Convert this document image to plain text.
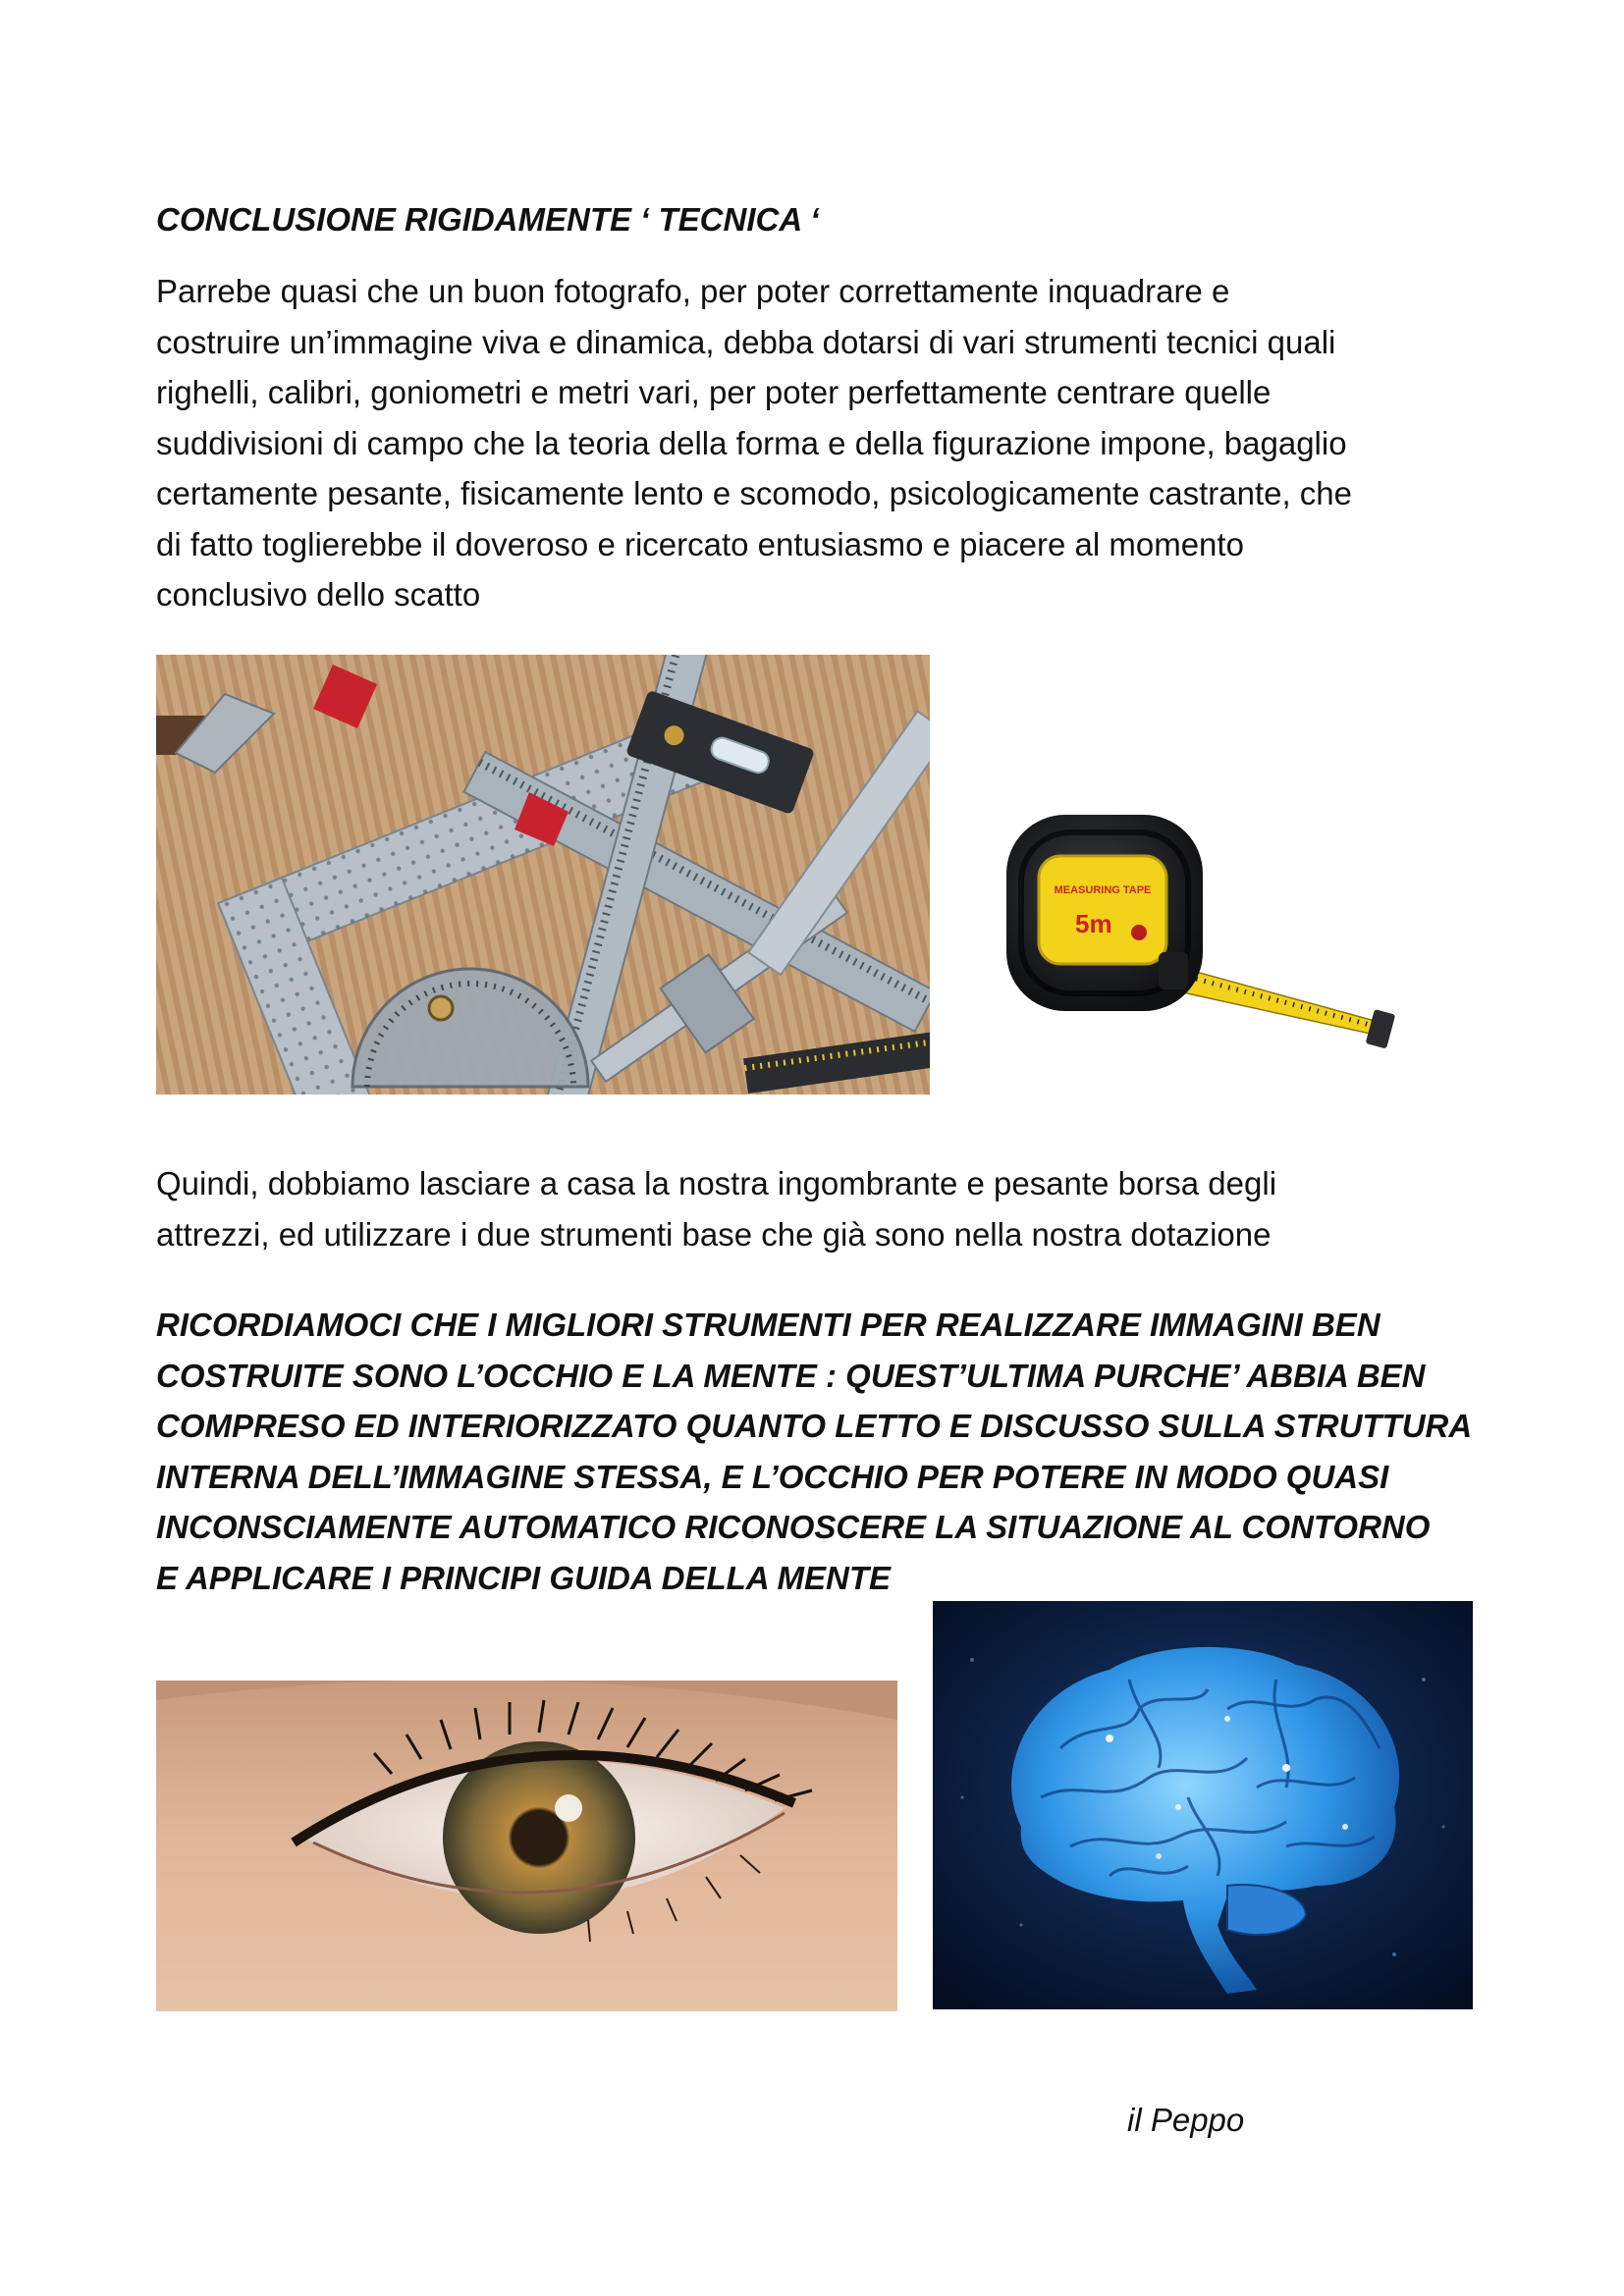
CONCLUSIONE RIGIDAMENTE ‘ TECNICA ‘
Parrebe quasi che un buon fotografo, per poter correttamente inquadrare e
costruire un’immagine viva e dinamica, debba dotarsi di vari strumenti tecnici quali
righelli, calibri, goniometri e metri vari, per poter perfettamente centrare quelle
suddivisioni di campo che la teoria della forma e della figurazione impone, bagaglio
certamente pesante, fisicamente lento e scomodo, psicologicamente castrante, che
di fatto toglierebbe il doveroso e ricercato entusiasmo e piacere al momento
conclusivo dello scatto
MEASURING TAPE
5m
Quindi, dobbiamo lasciare a casa la nostra ingombrante e pesante borsa degli
attrezzi, ed utilizzare i due strumenti base che già sono nella nostra dotazione
RICORDIAMOCI CHE I MIGLIORI STRUMENTI PER REALIZZARE IMMAGINI BEN
COSTRUITE SONO L’OCCHIO E LA MENTE : QUEST’ULTIMA PURCHE’ ABBIA BEN
COMPRESO ED INTERIORIZZATO QUANTO LETTO E DISCUSSO SULLA STRUTTURA
INTERNA DELL’IMMAGINE STESSA, E L’OCCHIO PER POTERE IN MODO QUASI
INCONSCIAMENTE AUTOMATICO RICONOSCERE LA SITUAZIONE AL CONTORNO
E APPLICARE I PRINCIPI GUIDA DELLA MENTE
il Peppo
